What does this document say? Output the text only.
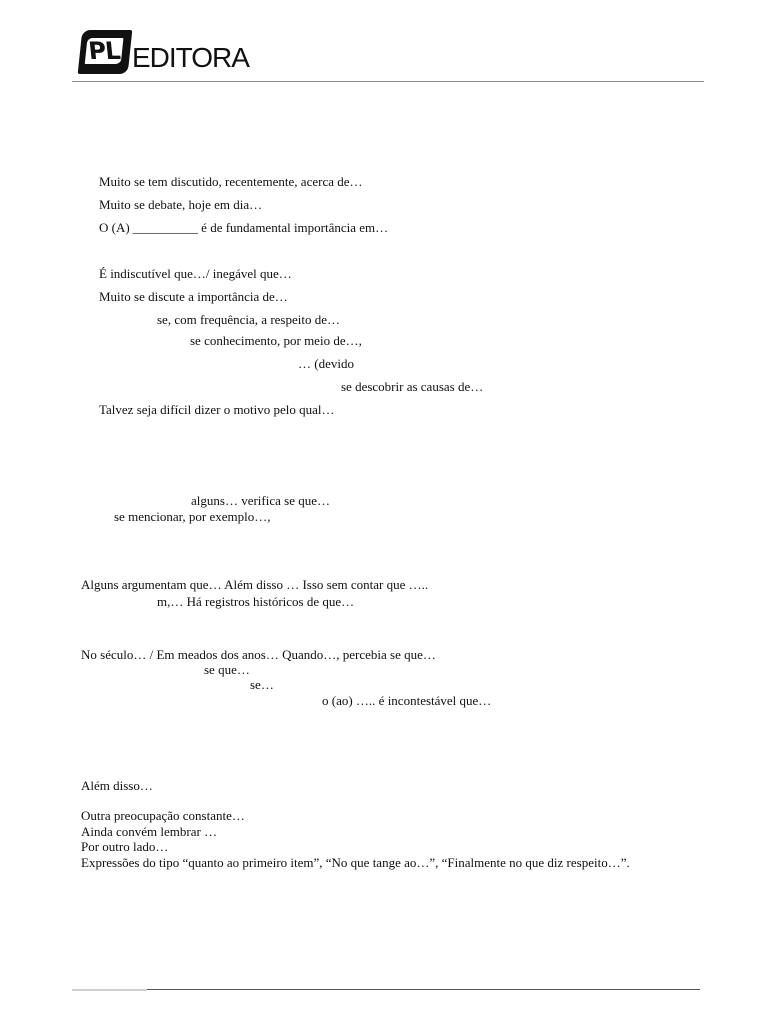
PL EDITORA
Muito se tem discutido, recentemente, acerca de…
Muito se debate, hoje em dia…
O (A) __________ é de fundamental importância em…
É indiscutível que…/ inegável que…
Muito se discute a importância de…
se, com frequência, a respeito de…
se conhecimento, por meio de…,
… (devido
se descobrir as causas de…
Talvez seja difícil dizer o motivo pelo qual…
alguns… verifica se que…
se mencionar, por exemplo…,
Alguns argumentam que… Além disso … Isso sem contar que …..
m,… Há registros históricos de que…
No século… / Em meados dos anos… Quando…, percebia se que…
se que…
se…
o (ao) ….. é incontestável que…
Além disso…
Outra preocupação constante…
Ainda convém lembrar …
Por outro lado…
Expressões do tipo “quanto ao primeiro item”, “No que tange ao…”, “Finalmente no que diz respeito…”.
